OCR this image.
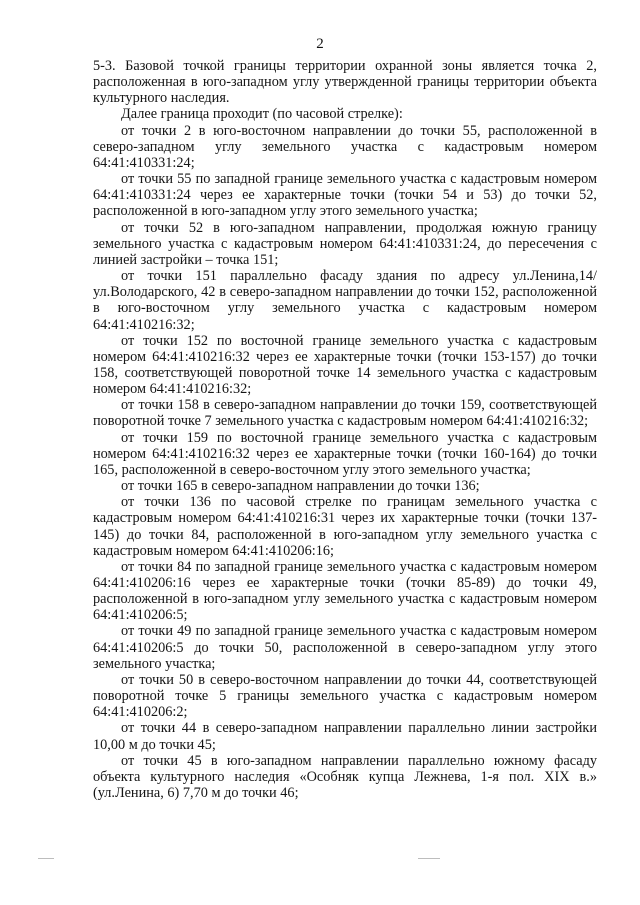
2

5-3. Базовой точкой границы территории охранной зоны является точка 2, расположенная в юго-западном углу утвержденной границы территории объекта культурного наследия.

Далее граница проходит (по часовой стрелке):

от точки 2 в юго-восточном направлении до точки 55, расположенной в северо-западном углу земельного участка с кадастровым номером 64:41:410331:24;

от точки 55 по западной границе земельного участка с кадастровым номером 64:41:410331:24 через ее характерные точки (точки 54 и 53) до точки 52, расположенной в юго-западном углу этого земельного участка;

от точки 52 в юго-западном направлении, продолжая южную границу земельного участка с кадастровым номером 64:41:410331:24, до пересечения с линией застройки – точка 151;

от точки 151 параллельно фасаду здания по адресу ул.Ленина,14/ ул.Володарского, 42 в северо-западном направлении до точки 152, расположенной в юго-восточном углу земельного участка с кадастровым номером 64:41:410216:32;

от точки 152 по восточной границе земельного участка с кадастровым номером 64:41:410216:32 через ее характерные точки (точки 153-157) до точки 158, соответствующей поворотной точке 14 земельного участка с кадастровым номером 64:41:410216:32;

от точки 158 в северо-западном направлении до точки 159, соответствующей поворотной точке 7 земельного участка с кадастровым номером 64:41:410216:32;

от точки 159 по восточной границе земельного участка с кадастровым номером 64:41:410216:32 через ее характерные точки (точки 160-164) до точки 165, расположенной в северо-восточном углу этого земельного участка;

от точки 165 в северо-западном направлении до точки 136;

от точки 136 по часовой стрелке по границам земельного участка с кадастровым номером 64:41:410216:31 через их характерные точки (точки 137-145) до точки 84, расположенной в юго-западном углу земельного участка с кадастровым номером 64:41:410206:16;

от точки 84 по западной границе земельного участка с кадастровым номером 64:41:410206:16 через ее характерные точки (точки 85-89) до точки 49, расположенной в юго-западном углу земельного участка с кадастровым номером 64:41:410206:5;

от точки 49 по западной границе земельного участка с кадастровым номером 64:41:410206:5 до точки 50, расположенной в северо-западном углу этого земельного участка;

от точки 50 в северо-восточном направлении до точки 44, соответствующей поворотной точке 5 границы земельного участка с кадастровым номером 64:41:410206:2;

от точки 44 в северо-западном направлении параллельно линии застройки 10,00 м до точки 45;

от точки 45 в юго-западном направлении параллельно южному фасаду объекта культурного наследия «Особняк купца Лежнева, 1-я пол. XIX в.» (ул.Ленина, 6) 7,70 м до точки 46;
